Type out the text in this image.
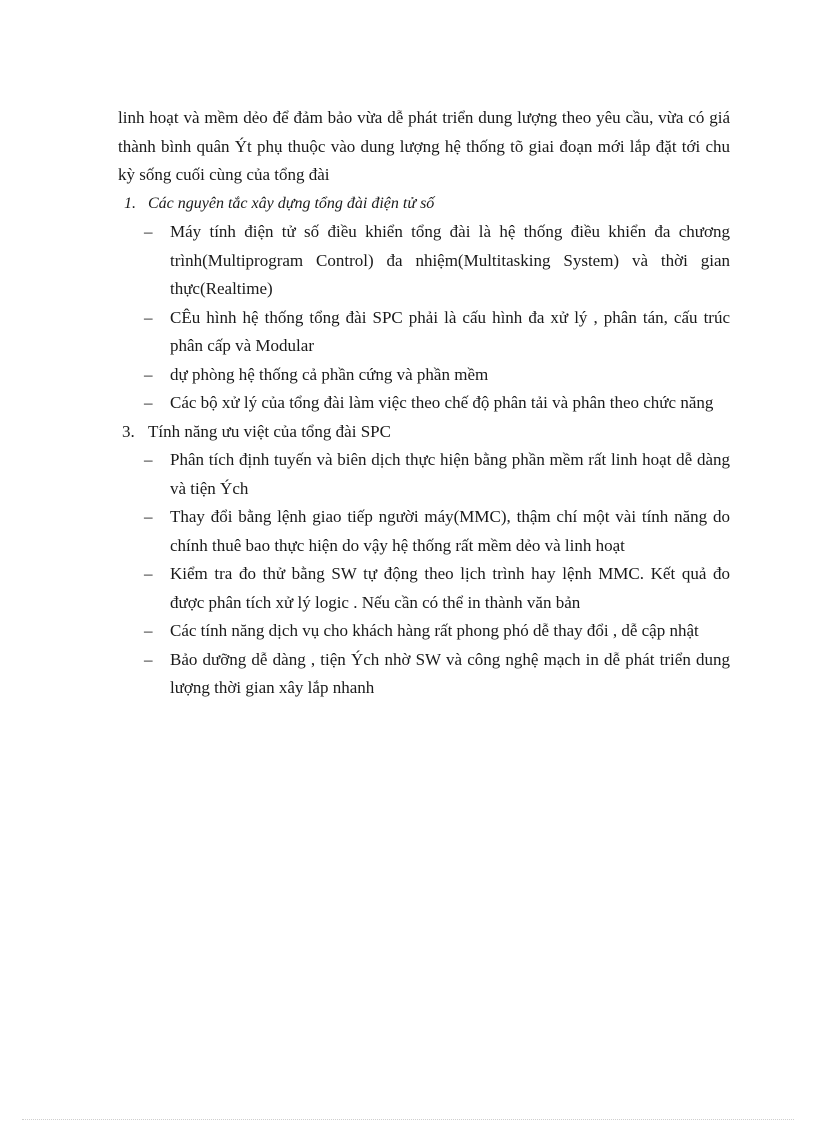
linh hoạt và mềm dẻo để đảm bảo vừa dễ phát triển dung lượng theo yêu cầu, vừa có giá thành bình quân Ýt phụ thuộc vào dung lượng hệ thống tõ giai đoạn mới lắp đặt tới chu kỳ sống cuối cùng của tổng đài

1. Các nguyên tắc xây dựng tổng đài điện tử số

– Máy tính điện tử số điều khiển tổng đài là hệ thống điều khiển đa chương trình(Multiprogram Control) đa nhiệm(Multitasking System) và thời gian thực(Realtime)
– CÊu hình hệ thống tổng đài SPC phải là cấu hình đa xử lý , phân tán, cấu trúc phân cấp và Modular
– dự phòng hệ thống cả phần cứng và phần mềm
– Các bộ xử lý của tổng đài làm việc theo chế độ phân tải và phân theo chức năng

3. Tính năng ưu việt của tổng đài SPC

– Phân tích định tuyến và biên dịch thực hiện bằng phần mềm rất linh hoạt dễ dàng và tiện Ých
– Thay đổi bằng lệnh giao tiếp người máy(MMC), thậm chí một vài tính năng do chính thuê bao thực hiện do vậy hệ thống rất mềm dẻo và linh hoạt
– Kiểm tra đo thử bằng SW tự động theo lịch trình hay lệnh MMC. Kết quả đo được phân tích xử lý logic . Nếu cần có thể in thành văn bản
– Các tính năng dịch vụ cho khách hàng rất phong phó dễ thay đổi , dễ cập nhật
– Bảo dưỡng dễ dàng , tiện Ých nhờ SW và công nghệ mạch in dễ phát triển dung lượng thời gian xây lắp nhanh
